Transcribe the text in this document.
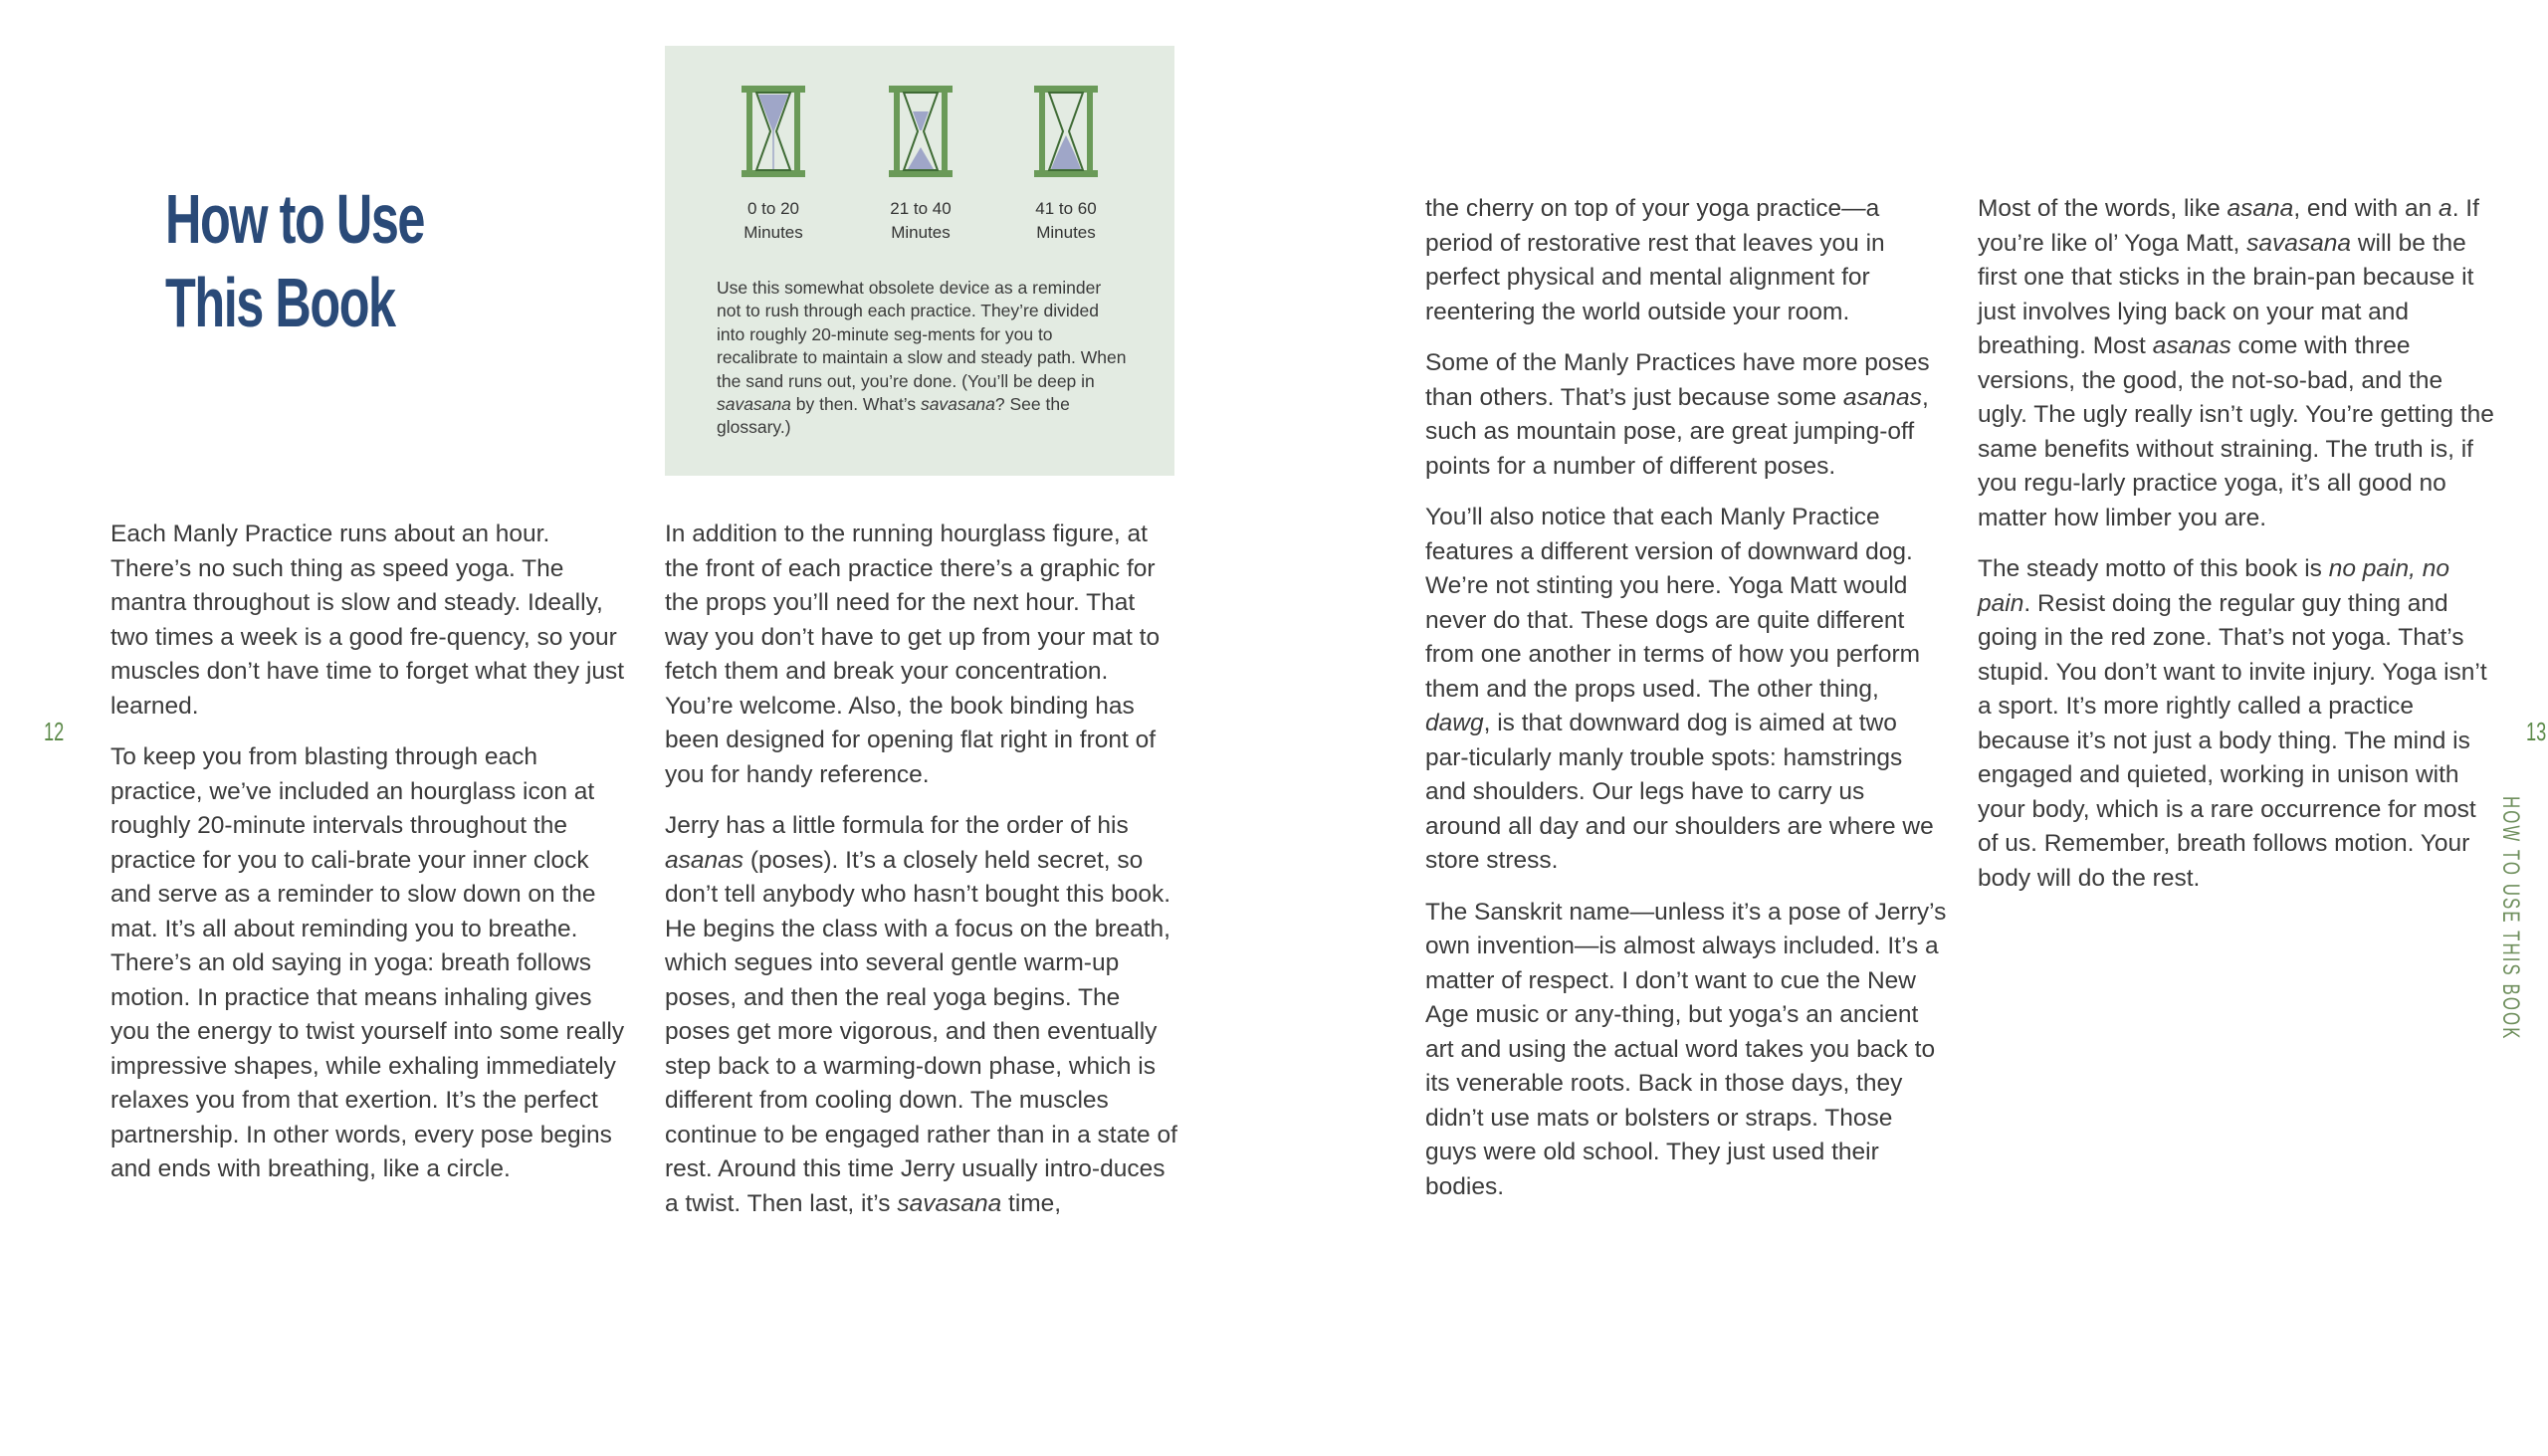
How to Use
This Book
12	13
HOW TO USE THIS BOOK
0 to 20
Minutes
21 to 40
Minutes
41 to 60
Minutes

Use this somewhat obsolete device as a reminder not to rush through each practice. They’re divided into roughly 20-minute seg-ments for you to recalibrate to maintain a slow and steady path. When the sand runs out, you’re done. (You’ll be deep in savasana by then. What’s savasana? See the glossary.)

Each Manly Practice runs about an hour. There’s no such thing as speed yoga. The mantra throughout is slow and steady. Ideally, two times a week is a good fre-quency, so your muscles don’t have time to forget what they just learned.

To keep you from blasting through each practice, we’ve included an hourglass icon at roughly 20-minute intervals throughout the practice for you to cali-brate your inner clock and serve as a reminder to slow down on the mat. It’s all about reminding you to breathe. There’s an old saying in yoga: breath follows motion. In practice that means inhaling gives you the energy to twist yourself into some really impressive shapes, while exhaling immediately relaxes you from that exertion. It’s the perfect partnership. In other words, every pose begins and ends with breathing, like a circle.

In addition to the running hourglass figure, at the front of each practice there’s a graphic for the props you’ll need for the next hour. That way you don’t have to get up from your mat to fetch them and break your concentration. You’re welcome. Also, the book binding has been designed for opening flat right in front of you for handy reference.

Jerry has a little formula for the order of his asanas (poses). It’s a closely held secret, so don’t tell anybody who hasn’t bought this book. He begins the class with a focus on the breath, which segues into several gentle warm-up poses, and then the real yoga begins. The poses get more vigorous, and then eventually step back to a warming-down phase, which is different from cooling down. The muscles continue to be engaged rather than in a state of rest. Around this time Jerry usually intro-duces a twist. Then last, it’s savasana time,

the cherry on top of your yoga practice—a period of restorative rest that leaves you in perfect physical and mental alignment for reentering the world outside your room.

Some of the Manly Practices have more poses than others. That’s just because some asanas, such as mountain pose, are great jumping-off points for a number of different poses.

You’ll also notice that each Manly Practice features a different version of downward dog. We’re not stinting you here. Yoga Matt would never do that. These dogs are quite different from one another in terms of how you perform them and the props used. The other thing, dawg, is that downward dog is aimed at two par-ticularly manly trouble spots: hamstrings and shoulders. Our legs have to carry us around all day and our shoulders are where we store stress.

The Sanskrit name—unless it’s a pose of Jerry’s own invention—is almost always included. It’s a matter of respect. I don’t want to cue the New Age music or any-thing, but yoga’s an ancient art and using the actual word takes you back to its venerable roots. Back in those days, they didn’t use mats or bolsters or straps. Those guys were old school. They just used their bodies.

Most of the words, like asana, end with an a. If you’re like ol’ Yoga Matt, savasana will be the first one that sticks in the brain-pan because it just involves lying back on your mat and breathing. Most asanas come with three versions, the good, the not-so-bad, and the ugly. The ugly really isn’t ugly. You’re getting the same benefits without straining. The truth is, if you regu-larly practice yoga, it’s all good no matter how limber you are.

The steady motto of this book is no pain, no pain. Resist doing the regular guy thing and going in the red zone. That’s not yoga. That’s stupid. You don’t want to invite injury. Yoga isn’t a sport. It’s more rightly called a practice because it’s not just a body thing. The mind is engaged and quieted, working in unison with your body, which is a rare occurrence for most of us. Remember, breath follows motion. Your body will do the rest.
